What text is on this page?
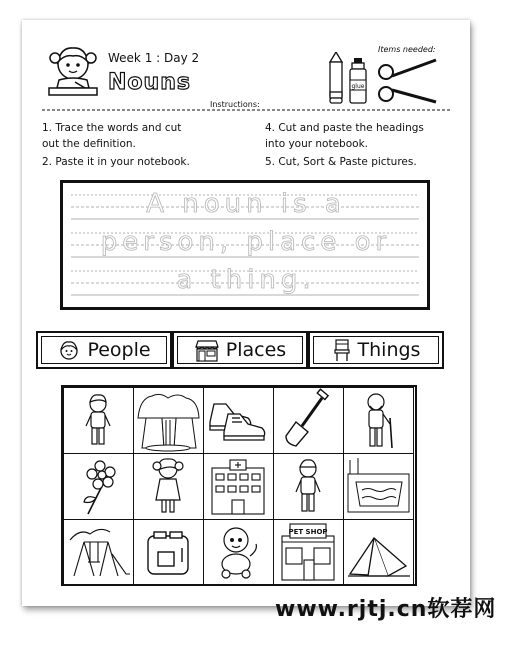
Week 1 : Day 2
Nouns
Items needed:
glue
Instructions:
1. Trace the words and cut
out the definition.
2. Paste it in your notebook.
4. Cut and paste the headings
into your notebook.
5. Cut, Sort & Paste pictures.
A noun is a
person, place or
a thing.
People	Places	Things
PET SHOP
www.rjtj.cn软荐网
